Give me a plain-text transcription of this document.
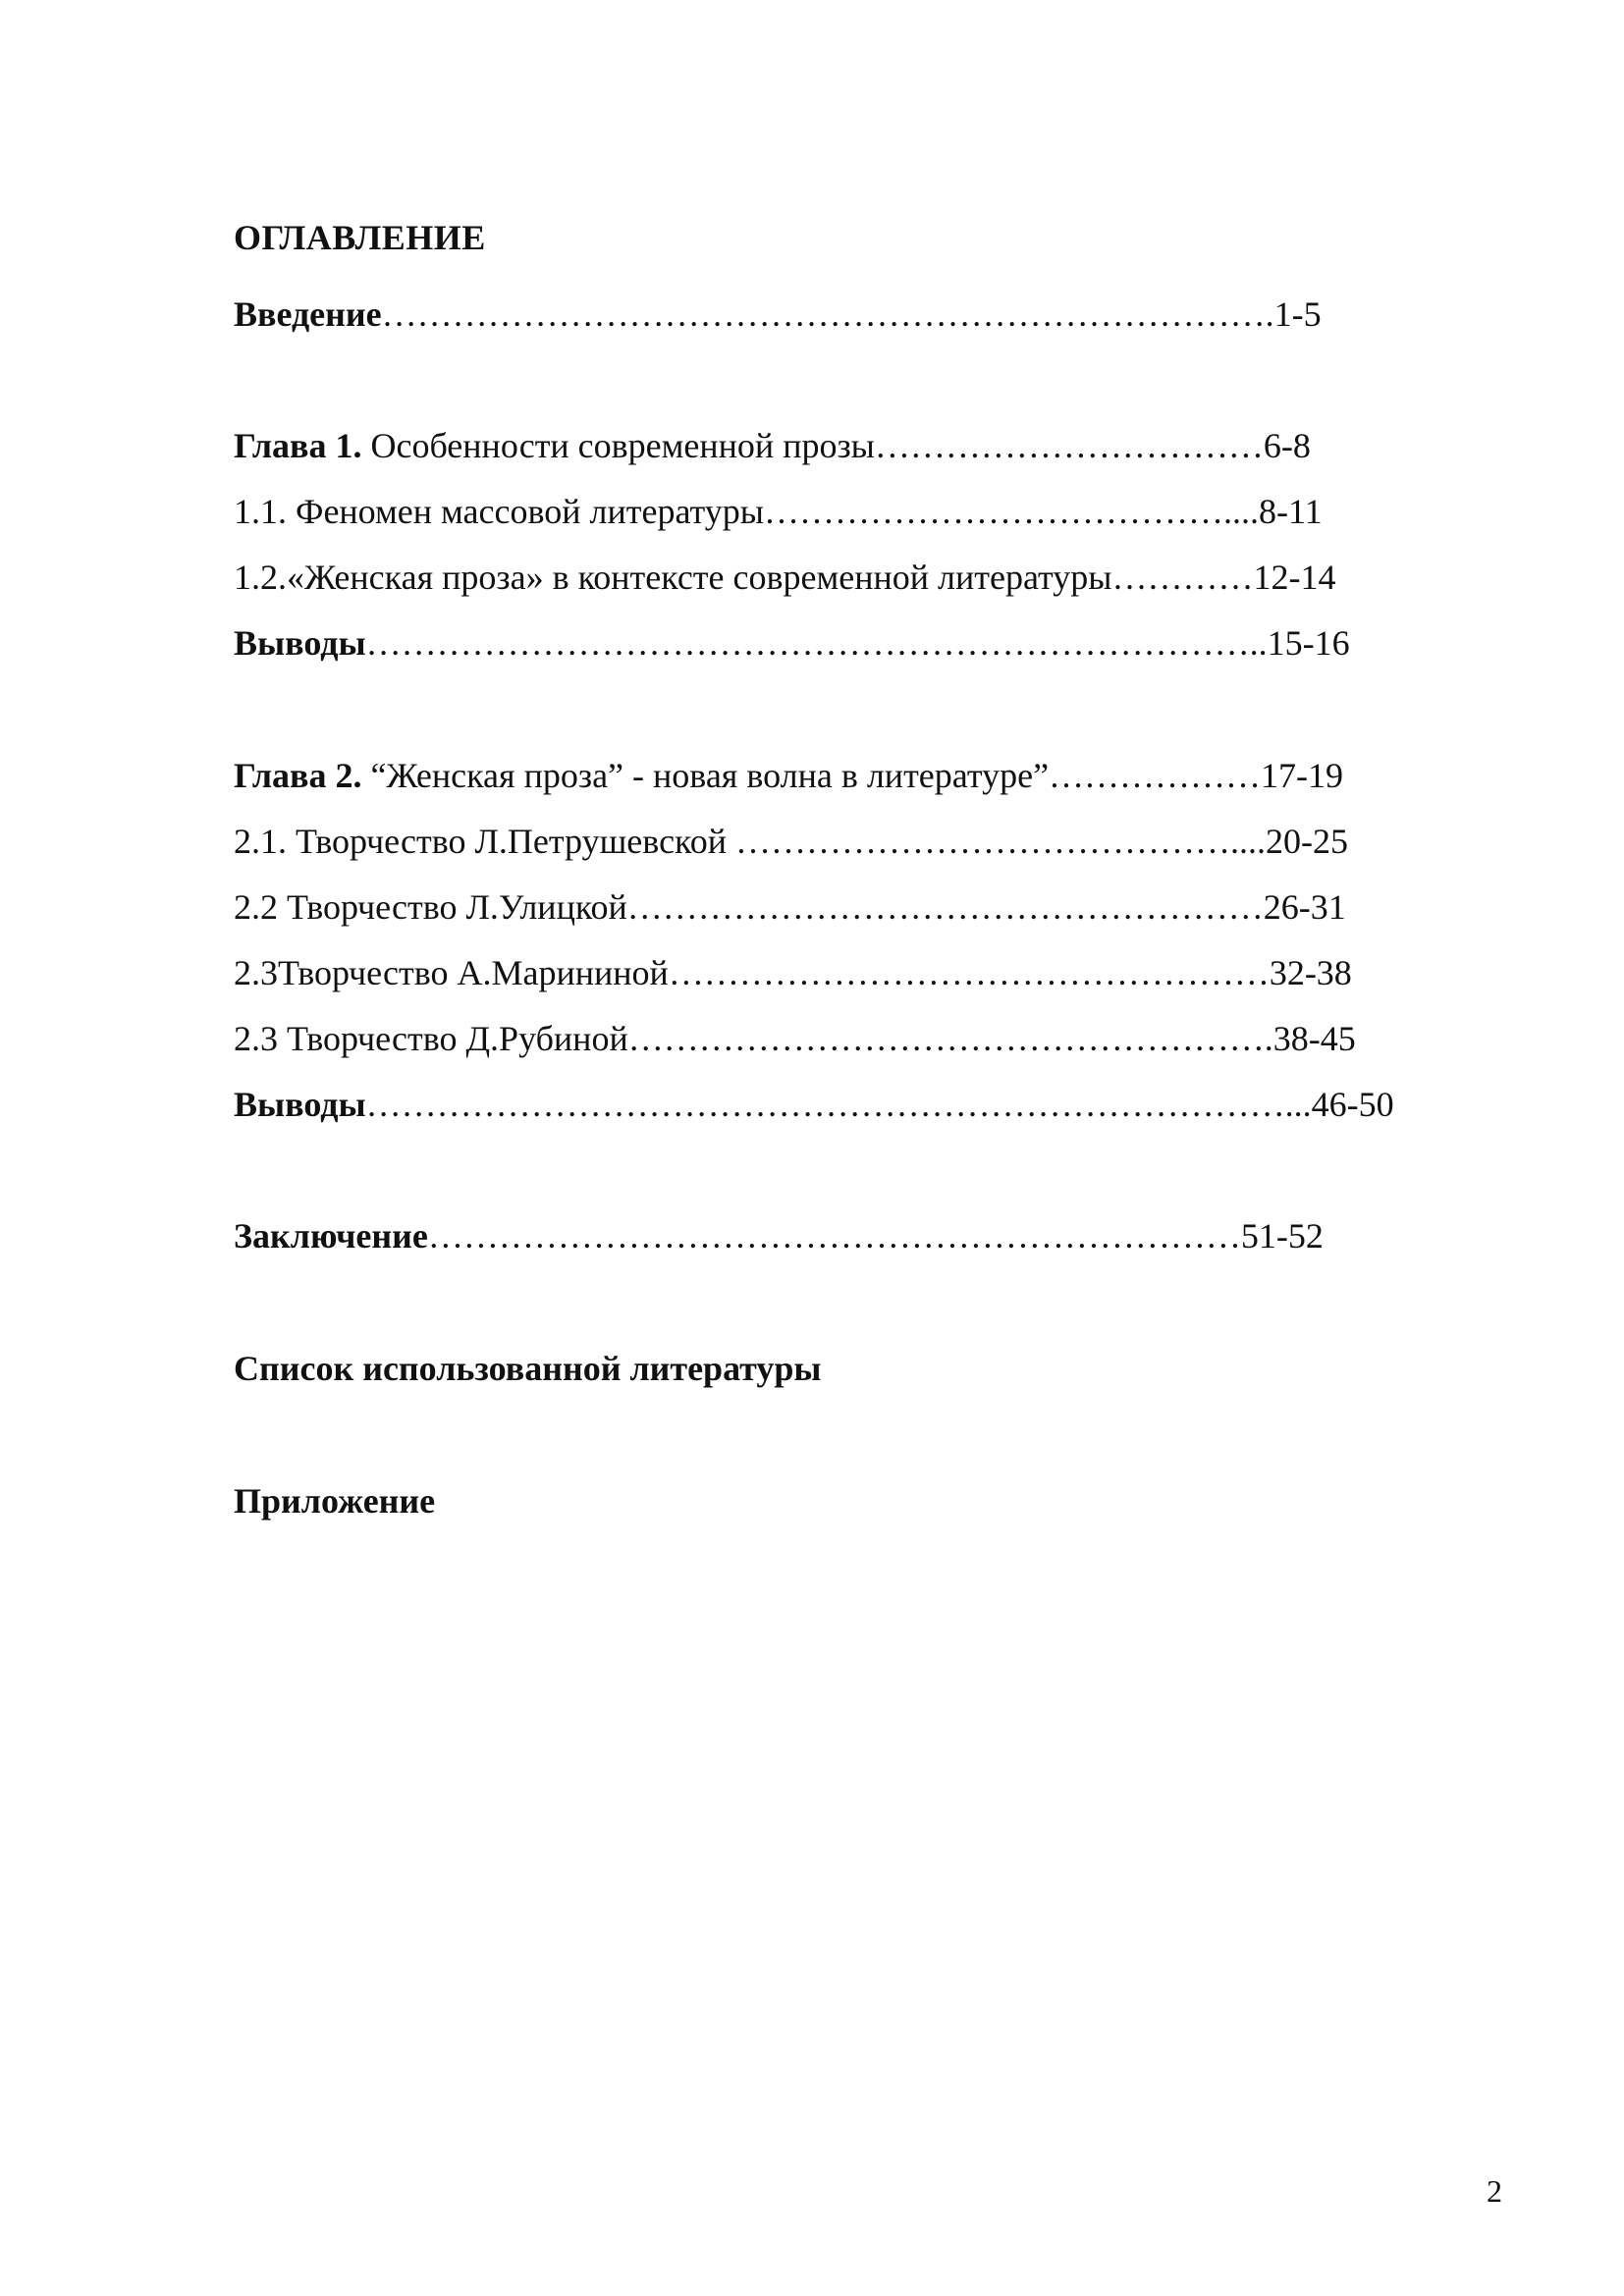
ОГЛАВЛЕНИЕ
Введение………………………………………………………………….1-5
Глава 1. Особенности современной прозы……………………………6-8
1.1. Феномен массовой литературы…………………………………....8-11
1.2.«Женская проза» в контексте современной литературы…………12-14
Выводы…………………………………………………………………..15-16
Глава 2. “Женская проза” - новая волна в литературе”………………17-19
2.1. Творчество Л.Петрушевской ……………………………………....20-25
2.2 Творчество Л.Улицкой………………………………………………26-31
2.3Творчество А.Марининой……………………………………………32-38
2.3 Творчество Д.Рубиной……………………………………………….38-45
Выводы……………………………………………………………………...46-50
Заключение……………………………………………………………51-52
Список использованной литературы
Приложение
2
